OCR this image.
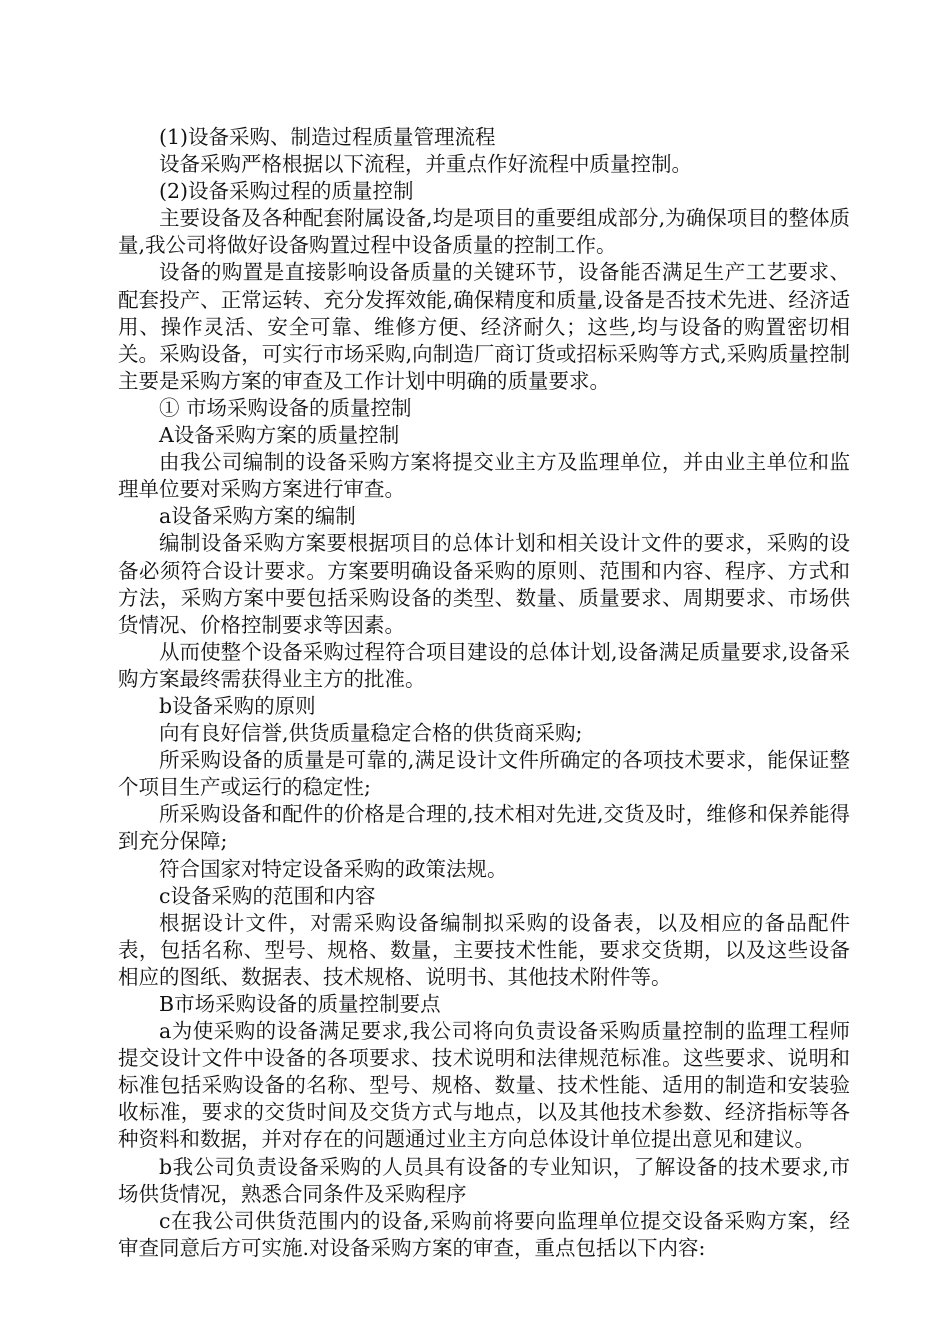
(1)设备采购、制造过程质量管理流程

设备采购严格根据以下流程，并重点作好流程中质量控制。

(2)设备采购过程的质量控制

主要设备及各种配套附属设备,均是项目的重要组成部分,为确保项目的整体质量,我公司将做好设备购置过程中设备质量的控制工作。

设备的购置是直接影响设备质量的关键环节，设备能否满足生产工艺要求、配套投产、正常运转、充分发挥效能,确保精度和质量,设备是否技术先进、经济适用、操作灵活、安全可靠、维修方便、经济耐久；这些,均与设备的购置密切相关。采购设备，可实行市场采购,向制造厂商订货或招标采购等方式,采购质量控制主要是采购方案的审查及工作计划中明确的质量要求。

① 市场采购设备的质量控制

A设备采购方案的质量控制

由我公司编制的设备采购方案将提交业主方及监理单位，并由业主单位和监理单位要对采购方案进行审查。

a设备采购方案的编制

编制设备采购方案要根据项目的总体计划和相关设计文件的要求，采购的设备必须符合设计要求。方案要明确设备采购的原则、范围和内容、程序、方式和方法，采购方案中要包括采购设备的类型、数量、质量要求、周期要求、市场供货情况、价格控制要求等因素。

从而使整个设备采购过程符合项目建设的总体计划,设备满足质量要求,设备采购方案最终需获得业主方的批准。

b设备采购的原则

向有良好信誉,供货质量稳定合格的供货商采购;

所采购设备的质量是可靠的,满足设计文件所确定的各项技术要求，能保证整个项目生产或运行的稳定性;

所采购设备和配件的价格是合理的,技术相对先进,交货及时，维修和保养能得到充分保障;

符合国家对特定设备采购的政策法规。

c设备采购的范围和内容

根据设计文件，对需采购设备编制拟采购的设备表，以及相应的备品配件表，包括名称、型号、规格、数量，主要技术性能，要求交货期，以及这些设备相应的图纸、数据表、技术规格、说明书、其他技术附件等。

B市场采购设备的质量控制要点

a为使采购的设备满足要求,我公司将向负责设备采购质量控制的监理工程师提交设计文件中设备的各项要求、技术说明和法律规范标准。这些要求、说明和标准包括采购设备的名称、型号、规格、数量、技术性能、适用的制造和安装验收标准，要求的交货时间及交货方式与地点，以及其他技术参数、经济指标等各种资料和数据，并对存在的问题通过业主方向总体设计单位提出意见和建议。

b我公司负责设备采购的人员具有设备的专业知识，了解设备的技术要求,市场供货情况，熟悉合同条件及采购程序

c在我公司供货范围内的设备,采购前将要向监理单位提交设备采购方案，经审查同意后方可实施.对设备采购方案的审查，重点包括以下内容:
